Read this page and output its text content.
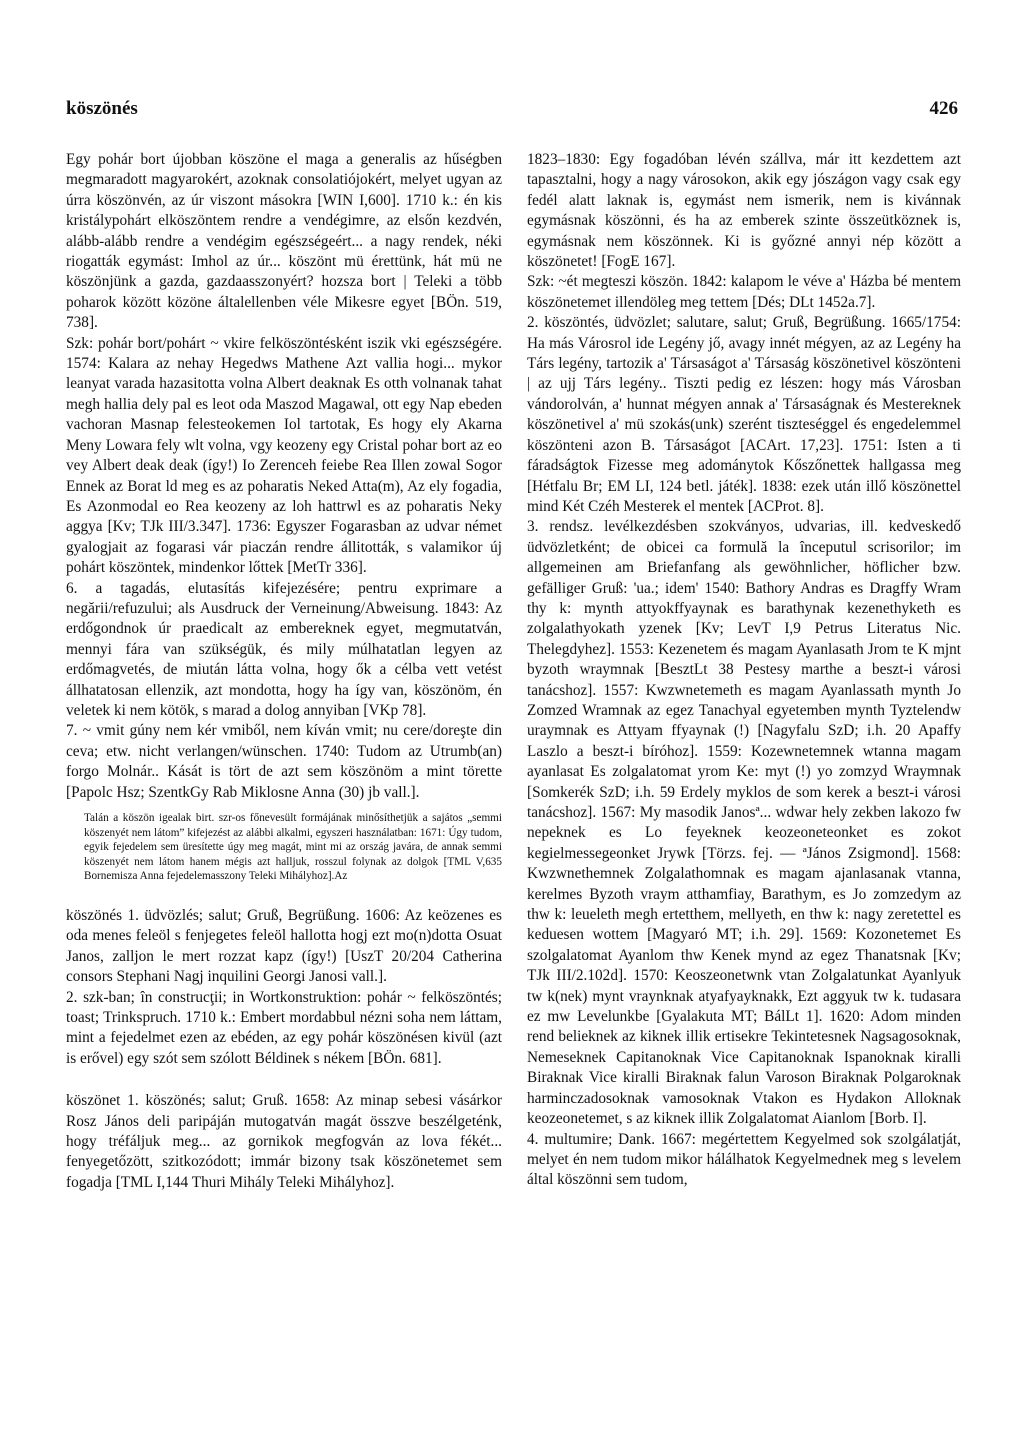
köszönés	426

Egy pohár bort újobban köszöne el maga a generalis az hűségben megmaradott magyarokért, azoknak consolatiójokért, melyet ugyan az úrra köszönvén, az úr viszont másokra [WIN I,600]. 1710 k.: én kis kristálypohárt elköszöntem rendre a vendégimre, az elsőn kezdvén, alább-alább rendre a vendégim egészségeért... a nagy rendek, néki riogatták egymást: Imhol az úr... köszönt mü érettünk, hát mü ne köszönjünk a gazda, gazdaasszonyért? hozsza bort | Teleki a több poharok között közöne általellenben véle Mikesre egyet [BÖn. 519, 738].

Szk: pohár bort/pohárt ~ vkire felköszöntésként iszik vki egészségére. 1574: Kalara az nehay Hegedws Mathene Azt vallia hogi... mykor leanyat varada hazasitotta volna Albert deaknak Es otth volnanak tahat megh hallia dely pal es leot oda Maszod Magawal, ott egy Nap ebeden vachoran Masnap felesteokemen Iol tartotak, Es hogy ely Akarna Meny Lowara fely wlt volna, vgy keozeny egy Cristal pohar bort az eo vey Albert deak deak (így!) Io Zerenceh feiebe Rea Illen zowal Sogor Ennek az Borat ld meg es az poharatis Neked Atta(m), Az ely fogadia, Es Azonmodal eo Rea keozeny az loh hattrwl es az poharatis Neky aggya [Kv; TJk III/3.347]. 1736: Egyszer Fogarasban az udvar német gyalogjait az fogarasi vár piaczán rendre állitották, s valamikor új pohárt köszöntek, mindenkor lőttek [MetTr 336].

6. a tagadás, elutasítás kifejezésére; pentru exprimare a negării/refuzului; als Ausdruck der Verneinung/Abweisung. 1843: Az erdőgondnok úr praedicalt az embereknek egyet, megmutatván, mennyi fára van szükségük, és mily múlhatatlan legyen az erdőmagvetés, de miután látta volna, hogy ők a célba vett vetést állhatatosan ellenzik, azt mondotta, hogy ha így van, köszönöm, én veletek ki nem kötök, s marad a dolog annyiban [VKp 78].

7. ~ vmit gúny nem kér vmiből, nem kíván vmit; nu cere/doreşte din ceva; etw. nicht verlangen/wünschen. 1740: Tudom az Utrumb(an) forgo Molnár.. Kását is tört de azt sem köszönöm a mint törette [Papolc Hsz; SzentkGy Rab Miklosne Anna (30) jb vall.].

Talán a köszön igealak birt. szr-os főnevesült formájának minősíthetjük a sajátos „semmi köszenyét nem látom” kifejezést az alábbi alkalmi, egyszeri használatban: 1671: Úgy tudom, egyik fejedelem sem üresítette úgy meg magát, mint mi az ország javára, de annak semmi köszenyét nem látom hanem mégis azt halljuk, rosszul folynak az dolgok [TML V,635 Bornemisza Anna fejedelemasszony Teleki Mihályhoz].Az

köszönés 1. üdvözlés; salut; Gruß, Begrüßung. 1606: Az keözenes es oda menes feleöl s fenjegetes feleöl hallotta hogj ezt mo(n)dotta Osuat Janos, zalljon le mert rozzat kapz (így!) [UszT 20/204 Catherina consors Stephani Nagj inquilini Georgi Janosi vall.].

2. szk-ban; în construcţii; in Wortkonstruktion: pohár ~ felköszöntés; toast; Trinkspruch. 1710 k.: Embert mordabbul nézni soha nem láttam, mint a fejedelmet ezen az ebéden, az egy pohár köszönésen kivül (azt is erővel) egy szót sem szólott Béldinek s nékem [BÖn. 681].

köszönet 1. köszönés; salut; Gruß. 1658: Az minap sebesi vásárkor Rosz János deli paripáján mutogatván magát összve beszélgeténk, hogy tréfáljuk meg... az gornikok megfogván az lova fékét... fenyegetőzött, szitkozódott; immár bizony tsak köszönetemet sem fogadja [TML I,144 Thuri Mihály Teleki Mihályhoz].

1823–1830: Egy fogadóban lévén szállva, már itt kezdettem azt tapasztalni, hogy a nagy városokon, akik egy jószágon vagy csak egy fedél alatt laknak is, egymást nem ismerik, nem is kivánnak egymásnak köszönni, és ha az emberek szinte összeütköznek is, egymásnak nem köszönnek. Ki is győzné annyi nép között a köszönetet! [FogE 167].

Szk: ~ét megteszi köszön. 1842: kalapom le véve a' Házba bé mentem köszönetemet illendöleg meg tettem [Dés; DLt 1452a.7].

2. köszöntés, üdvözlet; salutare, salut; Gruß, Begrüßung. 1665/1754: Ha más Városrol ide Legény jő, avagy innét mégyen, az az Legény ha Társ legény, tartozik a' Társaságot a' Társaság köszönetivel köszönteni | az ujj Társ legény.. Tiszti pedig ez lészen: hogy más Városban vándorolván, a' hunnat mégyen annak a' Társaságnak és Mestereknek köszönetivel a' mü szokás(unk) szerént tiszteséggel és engedelemmel köszönteni azon B. Társaságot [ACArt. 17,23]. 1751: Isten a ti fáradságtok Fizesse meg adománytok Kőszőnettek hallgassa meg [Hétfalu Br; EM LI, 124 betl. játék]. 1838: ezek után illő köszönettel mind Két Czéh Mesterek el mentek [ACProt. 8].

3. rendsz. levélkezdésben szokványos, udvarias, ill. kedveskedő üdvözletként; de obicei ca formulă la începutul scrisorilor; im allgemeinen am Briefanfang als gewöhnlicher, höflicher bzw. gefälliger Gruß: 'ua.; idem' 1540: Bathory Andras es Dragffy Wram thy k: mynth attyokffyaynak es barathynak kezenethyketh es zolgalathyokath yzenek [Kv; LevT I,9 Petrus Literatus Nic. Thelegdyhez]. 1553: Kezenetem és magam Ayanlasath Jrom te K mjnt byzoth wraymnak [BesztLt 38 Pestesy marthe a beszt-i városi tanácshoz]. 1557: Kwzwnetemeth es magam Ayanlassath mynth Jo Zomzed Wramnak az egez Tanachyal egyetemben mynth Tyztelendw uraymnak es Attyam ffyaynak (!) [Nagyfalu SzD; i.h. 20 Apaffy Laszlo a beszt-i bíróhoz]. 1559: Kozewnetemnek wtanna magam ayanlasat Es zolgalatomat yrom Ke: myt (!) yo zomzyd Wraymnak [Somkerék SzD; i.h. 59 Erdely myklos de som kerek a beszt-i városi tanácshoz]. 1567: My masodik Janosª... wdwar hely zekben lakozo fw nepeknek es Lo feyeknek keozeoneteonket es zokot kegielmessegeonket Jrywk [Törzs. fej. — ªJános Zsigmond]. 1568: Kwzwnethemnek Zolgalathomnak es magam ajanlasanak vtanna, kerelmes Byzoth vraym atthamfiay, Barathym, es Jo zomzedym az thw k: leueleth megh ertetthem, mellyeth, en thw k: nagy zeretettel es keduesen wottem [Magyaró MT; i.h. 29]. 1569: Kozonetemet Es szolgalatomat Ayanlom thw Kenek mynd az egez Thanatsnak [Kv; TJk III/2.102d]. 1570: Keoszeonetwnk vtan Zolgalatunkat Ayanlyuk tw k(nek) mynt vraynknak atyafyayknakk, Ezt aggyuk tw k. tudasara ez mw Levelunkbe [Gyalakuta MT; BálLt 1]. 1620: Adom minden rend belieknek az kiknek illik ertisekre Tekintetesnek Nagsagosoknak, Nemeseknek Capitanoknak Vice Capitanoknak Ispanoknak kiralli Biraknak Vice kiralli Biraknak falun Varoson Biraknak Polgaroknak harminczadosoknak vamosoknak Vtakon es Hydakon Alloknak keozeonetemet, s az kiknek illik Zolgalatomat Aianlom [Borb. I].

4. multumire; Dank. 1667: megértettem Kegyelmed sok szolgálatját, melyet én nem tudom mikor hálálhatok Kegyelmednek meg s levelem által köszönni sem tudom,
